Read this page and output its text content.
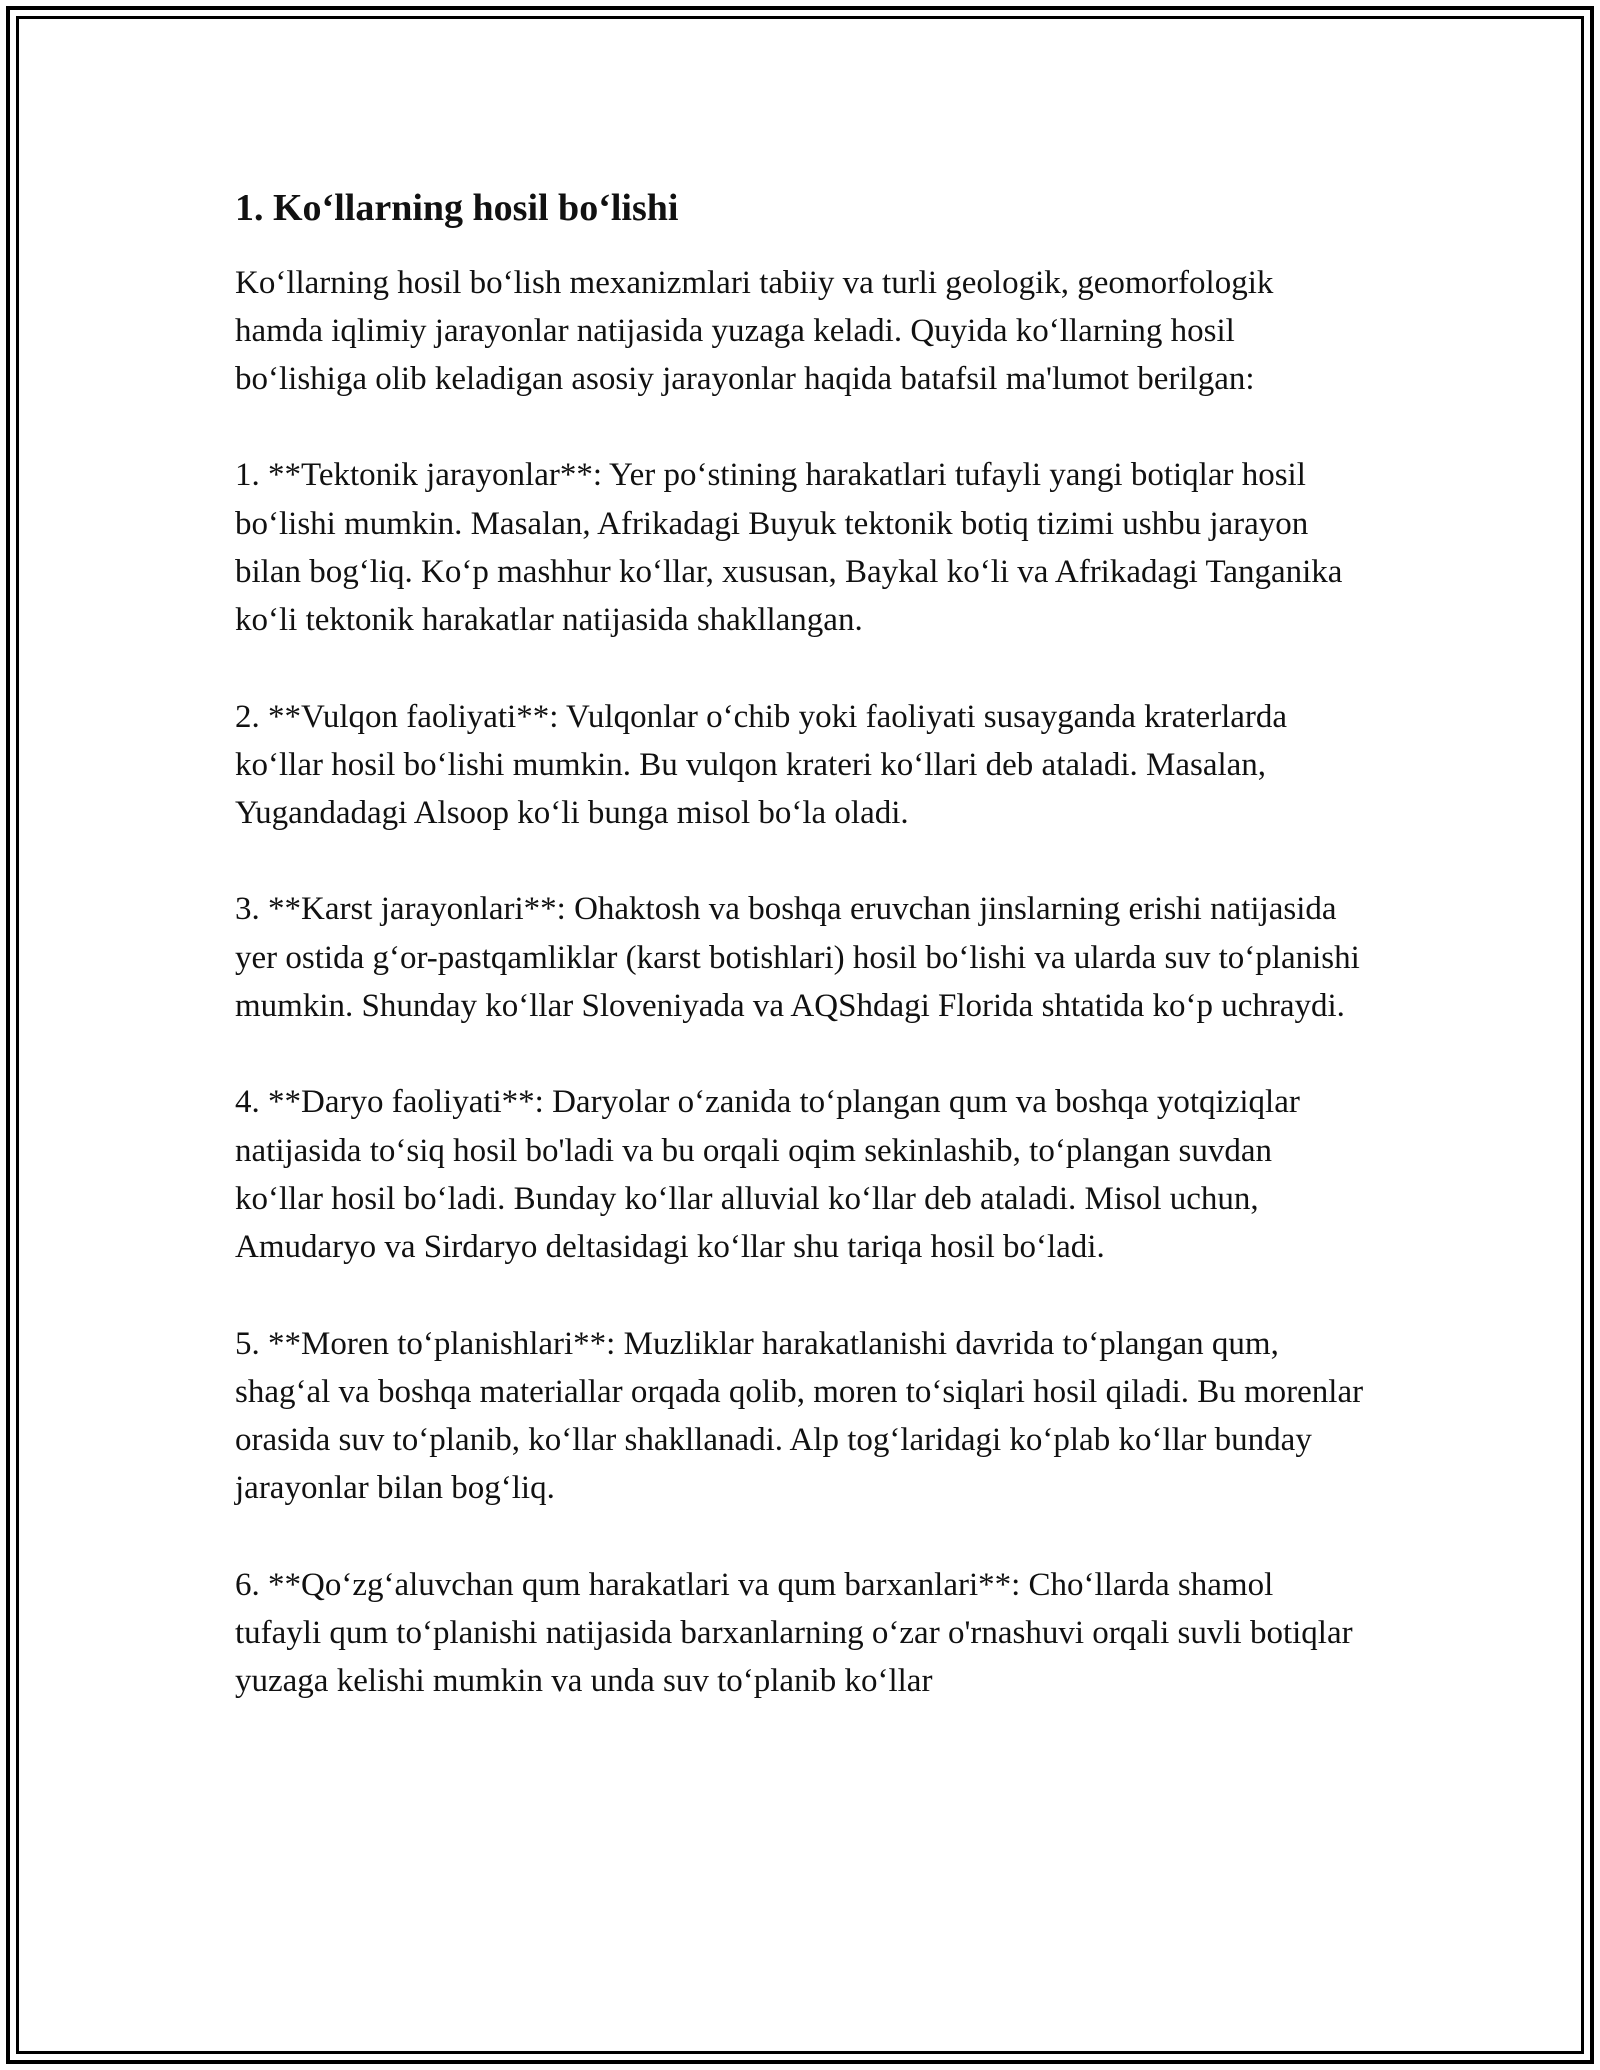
1. Ko‘llarning hosil bo‘lishi

Ko‘llarning hosil bo‘lish mexanizmlari tabiiy va turli geologik, geomorfologik hamda iqlimiy jarayonlar natijasida yuzaga keladi. Quyida ko‘llarning hosil bo‘lishiga olib keladigan asosiy jarayonlar haqida batafsil ma'lumot berilgan:

1. **Tektonik jarayonlar**: Yer po‘stining harakatlari tufayli yangi botiqlar hosil bo‘lishi mumkin. Masalan, Afrikadagi Buyuk tektonik botiq tizimi ushbu jarayon bilan bog‘liq. Ko‘p mashhur ko‘llar, xususan, Baykal ko‘li va Afrikadagi Tanganika ko‘li tektonik harakatlar natijasida shakllangan.

2. **Vulqon faoliyati**: Vulqonlar o‘chib yoki faoliyati susayganda kraterlarda ko‘llar hosil bo‘lishi mumkin. Bu vulqon krateri ko‘llari deb ataladi. Masalan, Yugandadagi Alsoop ko‘li bunga misol bo‘la oladi.

3. **Karst jarayonlari**: Ohaktosh va boshqa eruvchan jinslarning erishi natijasida yer ostida g‘or-pastqamliklar (karst botishlari) hosil bo‘lishi va ularda suv to‘planishi mumkin. Shunday ko‘llar Sloveniyada va AQShdagi Florida shtatida ko‘p uchraydi.

4. **Daryo faoliyati**: Daryolar o‘zanida to‘plangan qum va boshqa yotqiziqlar natijasida to‘siq hosil bo'ladi va bu orqali oqim sekinlashib, to‘plangan suvdan ko‘llar hosil bo‘ladi. Bunday ko‘llar alluvial ko‘llar deb ataladi. Misol uchun, Amudaryo va Sirdaryo deltasidagi ko‘llar shu tariqa hosil bo‘ladi.

5. **Moren to‘planishlari**: Muzliklar harakatlanishi davrida to‘plangan qum, shag‘al va boshqa materiallar orqada qolib, moren to‘siqlari hosil qiladi. Bu morenlar orasida suv to‘planib, ko‘llar shakllanadi. Alp tog‘laridagi ko‘plab ko‘llar bunday jarayonlar bilan bog‘liq.

6. **Qo‘zg‘aluvchan qum harakatlari va qum barxanlari**: Cho‘llarda shamol tufayli qum to‘planishi natijasida barxanlarning o‘zar o'rnashuvi orqali suvli botiqlar yuzaga kelishi mumkin va unda suv to‘planib ko‘llar
